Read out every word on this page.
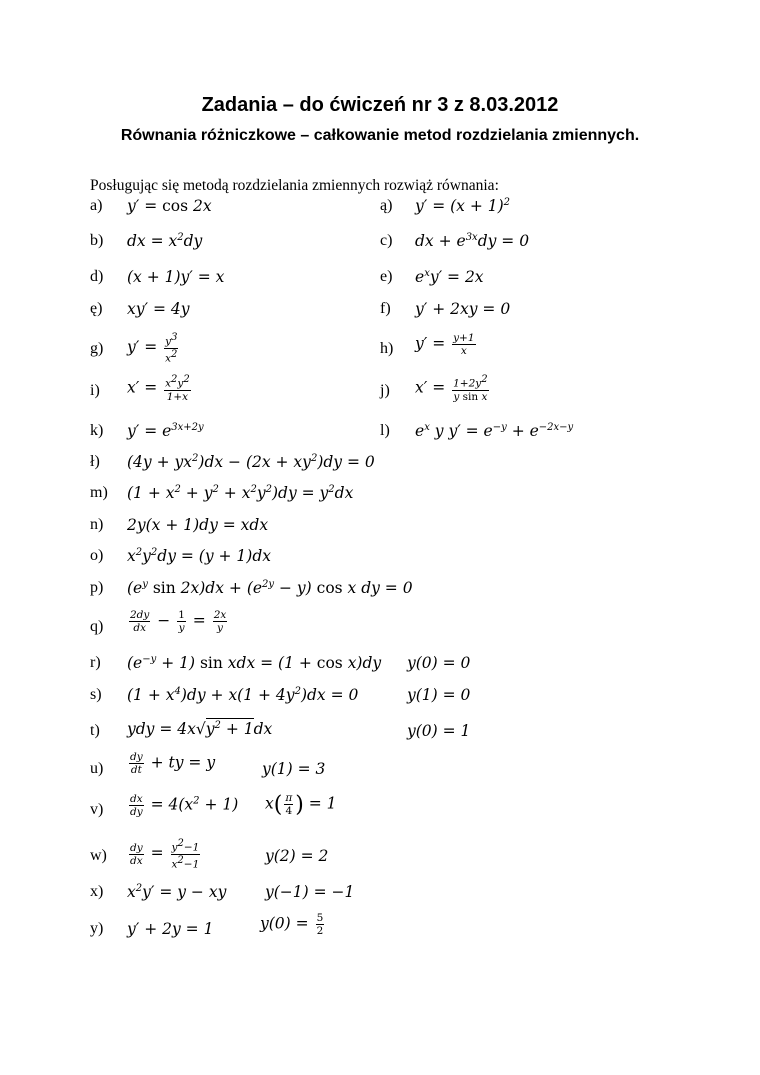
Zadania – do ćwiczeń nr 3 z 8.03.2012
Równania różniczkowe – całkowanie metod rozdzielania zmiennych.
Posługując się metodą rozdzielania zmiennych rozwiąż równania:
a) y′ = cos 2x	ą) $y' = (x + 1)^2$
b) dx = $x^2dy$	c) dx + $e^{3x}dy = 0$
d) (x + 1)y′ = x	e) $e^xy' = 2x$
ę) xy′ = 4y	f) y′ + 2xy = 0
g) $y' = \frac{y^3}{x^2}$	h) $y' = \frac{y+1}{x}$
i) $x' = \frac{x^2y^2}{1+x}$	j) $x' = \frac{1+2y^2}{\text{y sin x}}$
k) $y' = e^{3x+2y}$	l) $e^x$ y $y' = e^{-y} + e^{-2x-y}$
ł) $(4y + yx^2)dx - (2x + xy^2)dy = 0$
m) $(1 + x^2 + y^2 + x^2y^2)dy = y^2dx$
n) 2y(x + 1)dy = xdx
o) $x^2y^2dy = (y + 1)dx$
p) ($e^y$ $\sin 2x)dx + (e^{2y} - y)$ cos x dy = 0
$q) \frac{2dy}{dx} - \frac{1}{y} = \frac{2x}{y}$
r) $(e^{-y} + 1)$ sin xdx = (1 + cos x)dy y(0) = 0
s) $(1 + x^4)dy + x(1 + 4y^2)dx = 0$	y(1) = 0
t) ydy = $4x√y^2 + 1dx$	y(0) = 1
$u) \frac{dy}{dt}$ + ty = y	y(1) = 3
$v) \frac{dx}{dy} = 4(x^2 + 1)$ $x( \frac{\pi}{4}$ ) = 1
$w) \frac{dy}{dx} = \frac{y^2-1}{x^2-1}$	y(2) = 2
x) $x^2y' = y$ − xy y(−1) = −1
y) y′ + 2y = 1	$y(0) = \frac{5}{2}$
